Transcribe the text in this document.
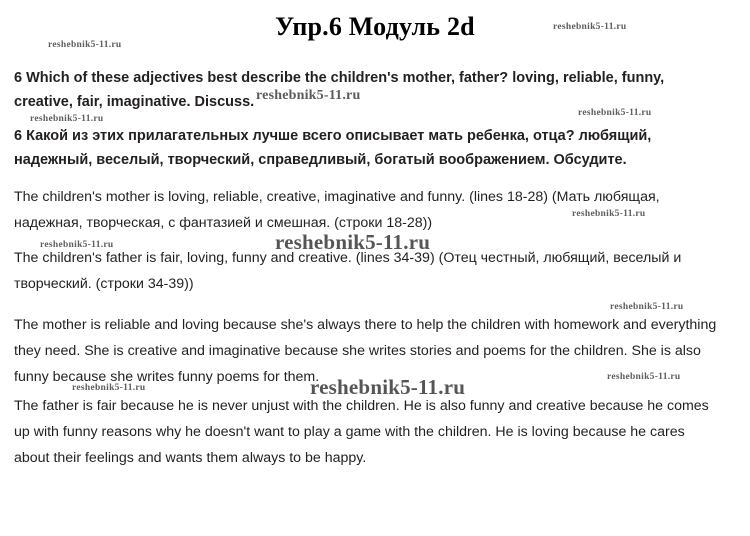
Упр.6 Модуль 2d
6 Which of these adjectives best describe the children's mother, father? loving, reliable, funny, creative, fair, imaginative. Discuss.
6 Какой из этих прилагательных лучше всего описывает мать ребенка, отца? любящий, надежный, веселый, творческий, справедливый, богатый воображением. Обсудите.
The children's mother is loving, reliable, creative, imaginative and funny. (lines 18-28) (Мать любящая, надежная, творческая, с фантазией и смешная. (строки 18-28))
The children's father is fair, loving, funny and creative. (lines 34-39) (Отец честный, любящий, веселый и творческий. (строки 34-39))
The mother is reliable and loving because she's always there to help the children with homework and everything they need. She is creative and imaginative because she writes stories and poems for the children. She is also funny because she writes funny poems for them.
The father is fair because he is never unjust with the children. He is also funny and creative because he comes up with funny reasons why he doesn't want to play a game with the children. He is loving because he cares about their feelings and wants them always to be happy.
reshebnik5-11.ru
reshebnik5-11.ru
reshebnik5-11.ru
reshebnik5-11.ru
reshebnik5-11.ru
reshebnik5-11.ru
reshebnik5-11.ru	reshebnik5-11.ru
reshebnik5-11.ru
reshebnik5-11.ru	reshebnik5-11.ru	reshebnik5-11.ru
